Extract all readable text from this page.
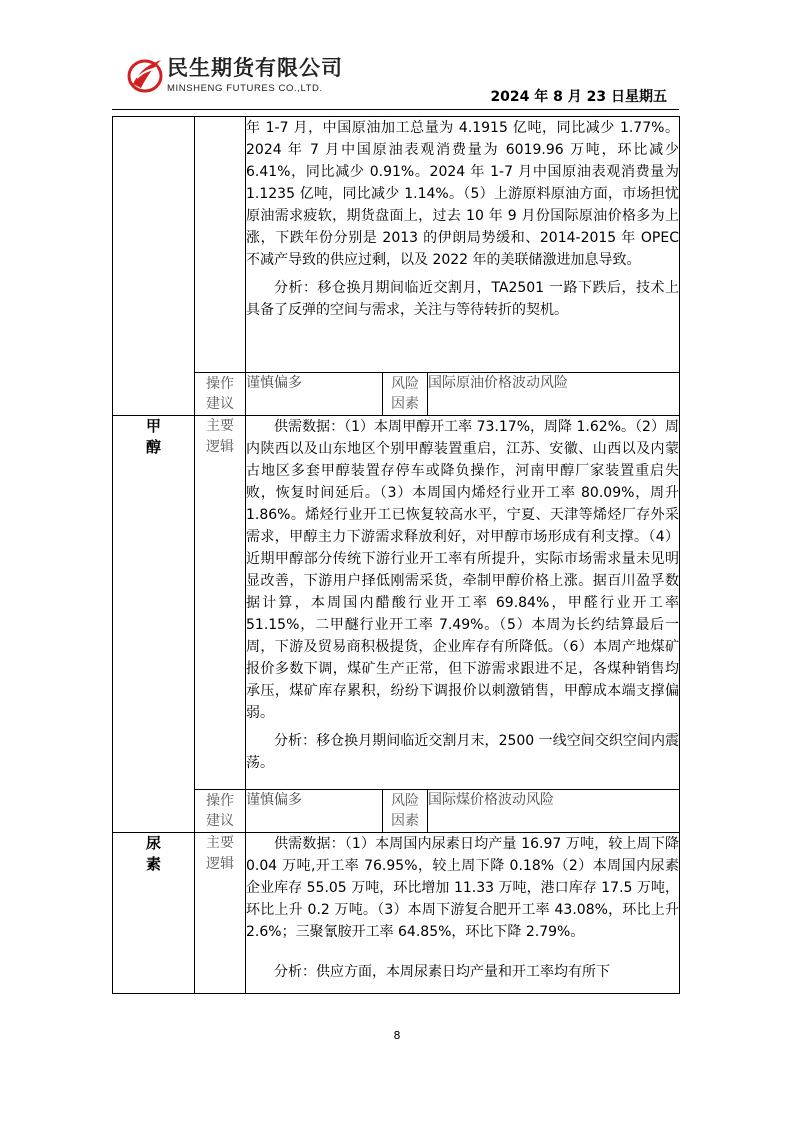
民生期货有限公司
MINSHENG FUTURES CO.,LTD.
2024 年 8 月 23 日星期五

		年 1-7 月，中国原油加工总量为 4.1915 亿吨，同比减少 1.77%。2024 年 7 月中国原油表观消费量为 6019.96 万吨，环比减少 6.41%，同比减少 0.91%。2024 年 1-7 月中国原油表观消费量为 1.1235 亿吨，同比减少 1.14%。（5）上游原料原油方面，市场担忧原油需求疲软，期货盘面上，过去 10 年 9 月份国际原油价格多为上涨，下跌年份分别是 2013 的伊朗局势缓和、2014-2015 年 OPEC 不减产导致的供应过剩，以及 2022 年的美联储激进加息导致。

分析：移仓换月期间临近交割月，TA2501 一路下跌后，技术上具备了反弹的空间与需求，关注与等待转折的契机。		

	操作建议	谨慎偏多	风险因素	国际原油价格波动风险
甲醇	主要逻辑	供需数据：（1）本周甲醇开工率 73.17%，周降 1.62%。（2）周内陕西以及山东地区个别甲醇装置重启，江苏、安徽、山西以及内蒙古地区多套甲醇装置存停车或降负操作，河南甲醇厂家装置重启失败，恢复时间延后。（3）本周国内烯烃行业开工率 80.09%，周升 1.86%。烯烃行业开工已恢复较高水平，宁夏、天津等烯烃厂存外采需求，甲醇主力下游需求释放利好，对甲醇市场形成有利支撑。（4）近期甲醇部分传统下游行业开工率有所提升，实际市场需求量未见明显改善，下游用户择低刚需采货，牵制甲醇价格上涨。据百川盈孚数据计算，本周国内醋酸行业开工率 69.84%，甲醛行业开工率 51.15%，二甲醚行业开工率 7.49%。（5）本周为长约结算最后一周，下游及贸易商积极提货，企业库存有所降低。（6）本周产地煤矿报价多数下调，煤矿生产正常，但下游需求跟进不足，各煤种销售均承压，煤矿库存累积，纷纷下调报价以刺激销售，甲醇成本端支撑偏弱。

分析：移仓换月期间临近交割月末，2500 一线空间交织空间内震荡。		

	操作建议	谨慎偏多	风险因素	国际煤价格波动风险
尿素	主要逻辑	供需数据：（1）本周国内尿素日均产量 16.97 万吨，较上周下降 0.04 万吨,开工率 76.95%，较上周下降 0.18%（2）本周国内尿素企业库存 55.05 万吨，环比增加 11.33 万吨，港口库存 17.5 万吨，环比上升 0.2 万吨。（3）本周下游复合肥开工率 43.08%，环比上升 2.6%；三聚氰胺开工率 64.85%，环比下降 2.79%。

分析：供应方面，本周尿素日均产量和开工率均有所下		

8
